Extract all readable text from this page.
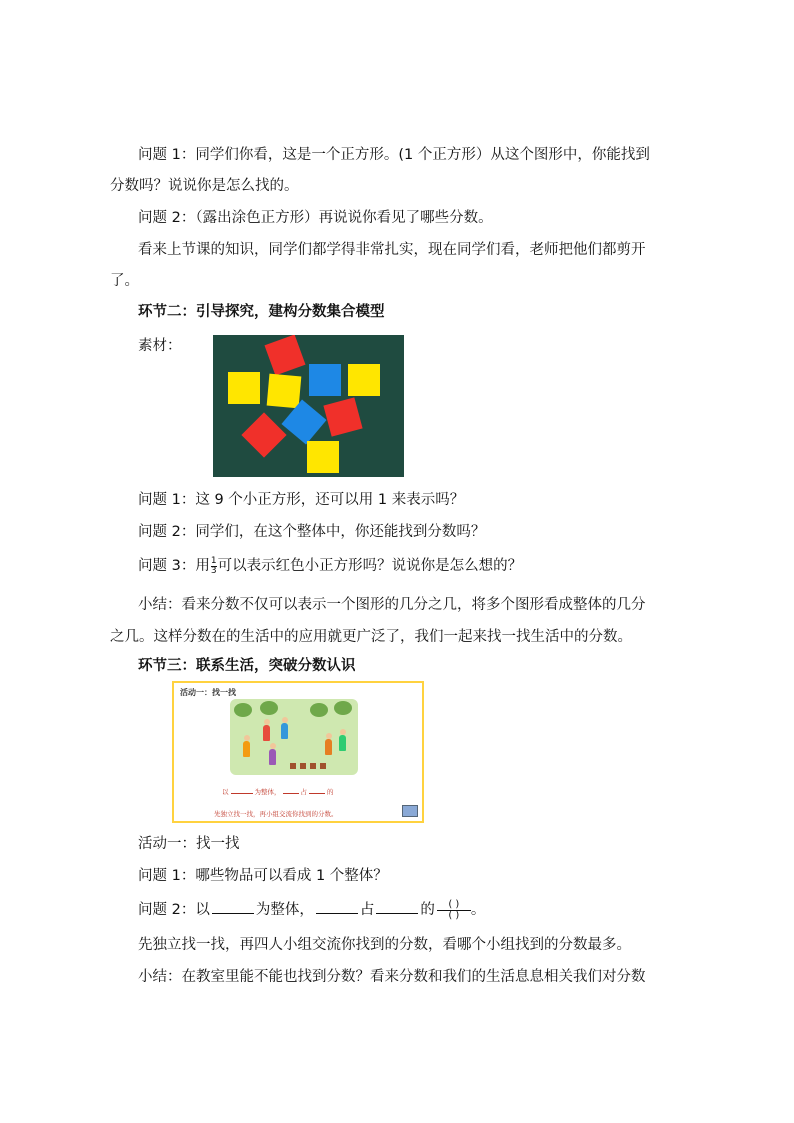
问题 1：同学们你看，这是一个正方形。(1 个正方形）从这个图形中，你能找到
分数吗？说说你是怎么找的。
问题 2：（露出涂色正方形）再说说你看见了哪些分数。
看来上节课的知识，同学们都学得非常扎实，现在同学们看，老师把他们都剪开
了。
环节二：引导探究，建构分数集合模型
素材：
问题 1：这 9 个小正方形，还可以用 1 来表示吗？
问题 2：同学们，在这个整体中，你还能找到分数吗？
问题 3：用 $\frac{1}{3}$ 可以表示红色小正方形吗？说说你是怎么想的？
小结：看来分数不仅可以表示一个图形的几分之几，将多个图形看成整体的几分
之几。这样分数在的生活中的应用就更广泛了，我们一起来找一找生活中的分数。
环节三：联系生活，突破分数认识
活动一：找一找
以	为整体，	占	的
先独立找一找，再小组交流你找到的分数。
活动一：找一找
问题 1：哪些物品可以看成 1 个整体？
问题 2：以	为整体，	占	的 $\frac{( )}{( )}$ 。
先独立找一找，再四人小组交流你找到的分数，看哪个小组找到的分数最多。
小结：在教室里能不能也找到分数？看来分数和我们的生活息息相关我们对分数
